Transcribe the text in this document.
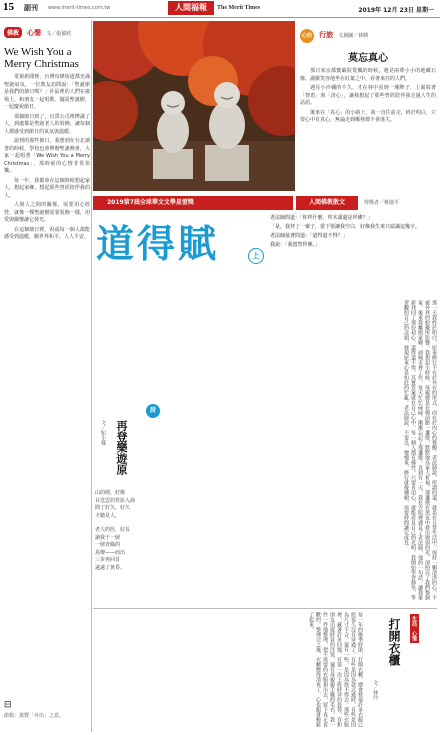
15 副刊 www.merit-times.com.tw	人間福報	The Merit Times	2019年 12月 23日 星期一
佛教 心聲 文／張郁欣
We Wish You a Merry Christmas

電視新聞裡，台灣每條街道都充滿聖誕氣氛，一位教友訪問說：「聖誕節是我們的節日嗎？」社區裡的人們在廣場上，和朋友一起唱歌、擺設聖誕樹，一起慶祝節日。

那個節日到了，百貨公司裡擠滿了人，到處都是聖誕老人的裝飾，讓每個人都感受到節日的氣氛與溫暖。

說到的那些節日，我想到在台北讀書的時候，學校也會舉辦聖誕晚會，大家一起唱著「We Wish You a Merry Christmas」，那時候的心情非常快樂。

每一年，我都會在這個時候想起家人，想起家鄉，想起那些曾經陪伴我的人。

人與人之間的關係，需要用心經營，就像一棵聖誕樹需要裝飾一樣，用愛與關懷讓它發光。

在這個節日裡，祝福每一個人都能感受到溫暖，願世界和平，人人平安。

⊟
節錄：葉豐「外出」之意。
心的 行旅 文與圖／林勝
莫忘真心

那日來京都寶嚴院賞楓的時候，遇見兩尊小小的地藏石像，滿臉笑容地坐在紅葉之中，看著來往的人們。

遇見小沙彌的不久，才在林中看到一塊牌子，上面寫著「智恵」與「清心」，讓我想起了那些曾經陪伴我走過人生的話語。

後來在「真心」的小路上，我一直往前走，終於明白，只要心中有真心，無論走到哪裡都不會迷失。

2019第7屆全球華文文學星雲獎	人間佛教散文	得獎者／蔡億平
道得賦	上

老法師問道：「你拜什麼，拜木頭還是拜佛？」

「是，我拜了一輩子，當下要讓我空白，好像我生來只認識這幾字。

老法師接著問道：「道得道不得？」

我說：「我當然拜佛。」

那一天我終於明白，原來修行不在於外在的形式，而在於內心的覺醒。老法師說，所謂的道，就是在日常生活中，保持一顆清淨的心，不被外界的紛擾所影響。我想起小時候，母親總是在佛前點一盞燈，默默地為家人祈福。那盞燈在黑夜中發出微弱的光，卻照亮了我們整個家。後來我離開家鄉，到城市裡工作，每天忙忙碌碌，漸漸忘記了那盞燈。直到有一天，我在寺院裡遇見了老法師，他的一句話，讓我重新找回了那份初心。道得道不得，其實答案就在自己心中。每一個人都有佛性，只要肯用心，就能看見自己的光明。我開始學習靜坐，學習觀照自己的念頭，發現原來心是如此的忙亂。老法師說，不要急，慢慢來，修行就像種樹，需要時間讓它成長。
詩
再登樂遊原
文／紀小樣
山的層，好像
目送雲的背影入海
問了好久，好久
才聽見人，
老人的徑，好長
讀我千一層
一層青綠的
鳥聲——而出
三步再回首
遠遠了黃昏。
每一年的換季時節，打開衣櫃，總會發現許多衣服已經很久沒有穿過了。有些是因為款式過時，有些是因為尺寸不合，還有一些，是因為捨不得丟。那些衣服裡，藏著許多回憶，有第一次上班時穿的套裝，有和朋友出遊時買的洋裝，還有母親親手織的毛衣。我一件一件地整理，把不需要的衣服捐出去，留下真正喜歡的。整理完之後，衣櫃變得清爽了，心也跟著輕鬆了起來。	生活．心情
打開衣櫃
文／林玲
